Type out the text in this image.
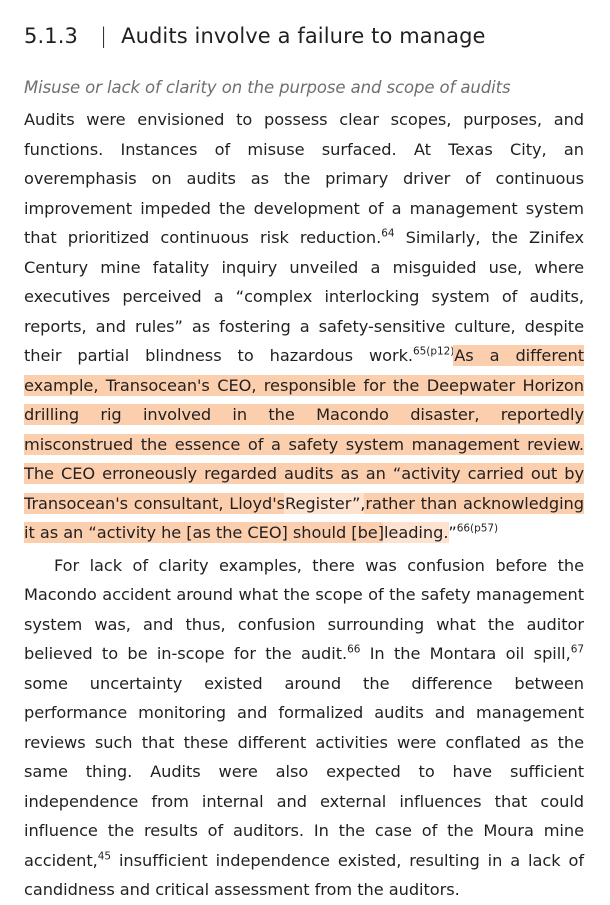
5.1.3 | Audits involve a failure to manage
Misuse or lack of clarity on the purpose and scope of audits

Audits were envisioned to possess clear scopes, purposes, and functions. Instances of misuse surfaced. At Texas City, an overemphasis on audits as the primary driver of continuous improvement impeded the development of a management system that prioritized continuous risk reduction.$^{64}$ Similarly, the Zinifex Century mine fatality inquiry unveiled a misguided use, where executives perceived a “complex interlocking system of audits, reports, and rules” as fostering a safety-sensitive culture, despite their partial blindness to hazardous work.$^{65(p12)}$As a different example, Transocean's CEO, responsible for the Deepwater Horizon drilling rig involved in the Macondo disaster, reportedly misconstrued the essence of a safety system management review. The CEO erroneously regarded audits as an “activity carried out by Transocean's consultant, Lloyd'sRegister”,rather than acknowledging it as an “activity he [as the CEO] should [be]leading.”$^{66(p57)}$

For lack of clarity examples, there was confusion before the Macondo accident around what the scope of the safety management system was, and thus, confusion surrounding what the auditor believed to be in-scope for the audit.$^{66}$ In the Montara oil spill,$^{67}$ some uncertainty existed around the difference between performance monitoring and formalized audits and management reviews such that these different activities were conflated as the same thing. Audits were also expected to have sufficient independence from internal and external influences that could influence the results of auditors. In the case of the Moura mine accident,$^{45}$ insufficient independence existed, resulting in a lack of candidness and critical assessment from the auditors.
